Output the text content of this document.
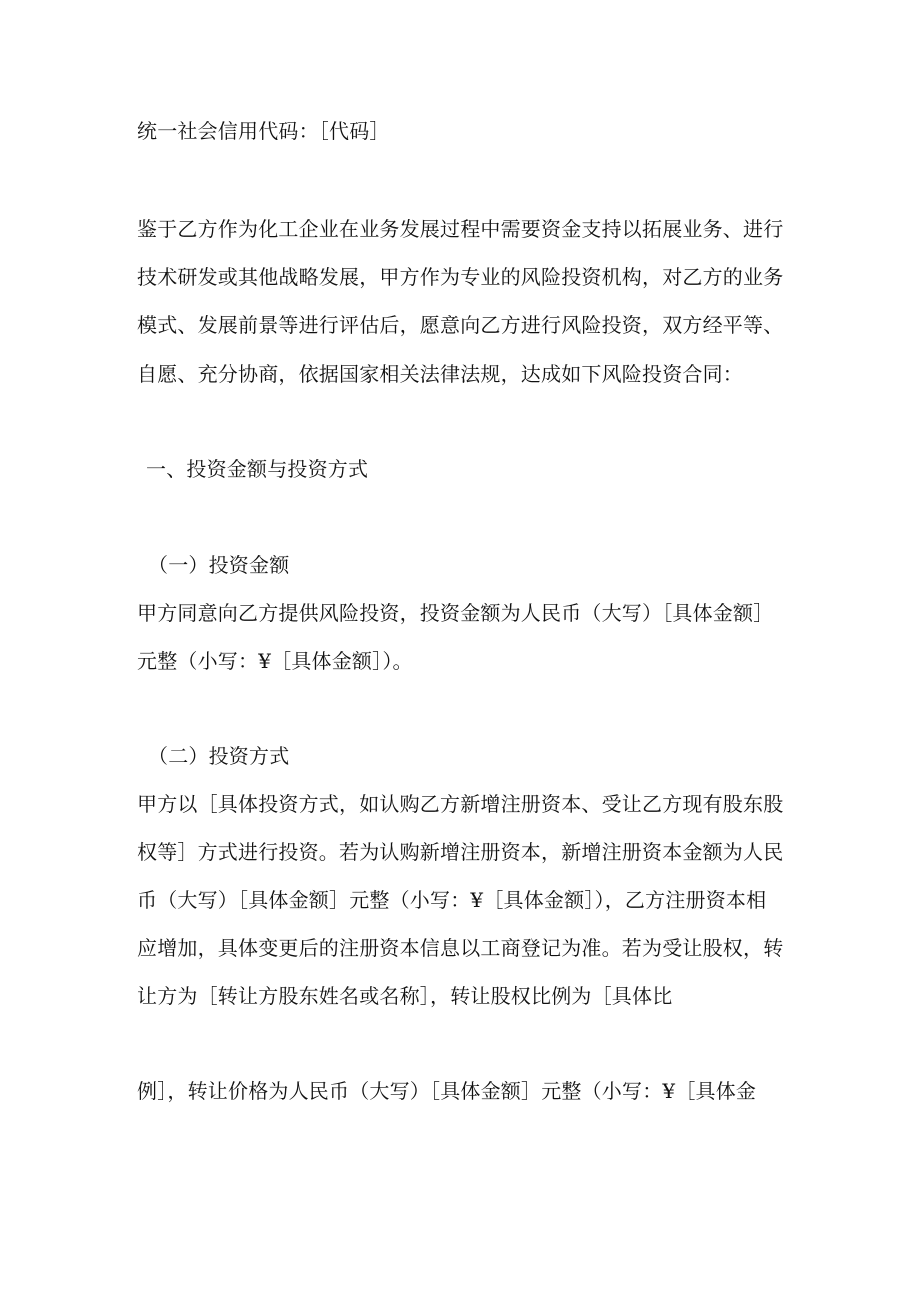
统一社会信用代码：［代码］
鉴于乙方作为化工企业在业务发展过程中需要资金支持以拓展业务、进行
技术研发或其他战略发展，甲方作为专业的风险投资机构，对乙方的业务
模式、发展前景等进行评估后，愿意向乙方进行风险投资，双方经平等、
自愿、充分协商，依据国家相关法律法规，达成如下风险投资合同：
一、投资金额与投资方式
（一）投资金额
甲方同意向乙方提供风险投资，投资金额为人民币（大写）［具体金额］
元整（小写：¥［具体金额］）。
（二）投资方式
甲方以［具体投资方式，如认购乙方新增注册资本、受让乙方现有股东股
权等］方式进行投资。若为认购新增注册资本，新增注册资本金额为人民
币（大写）［具体金额］元整（小写：¥［具体金额］），乙方注册资本相
应增加，具体变更后的注册资本信息以工商登记为准。若为受让股权，转
让方为［转让方股东姓名或名称］，转让股权比例为［具体比
例］，转让价格为人民币（大写）［具体金额］元整（小写：¥［具体金
